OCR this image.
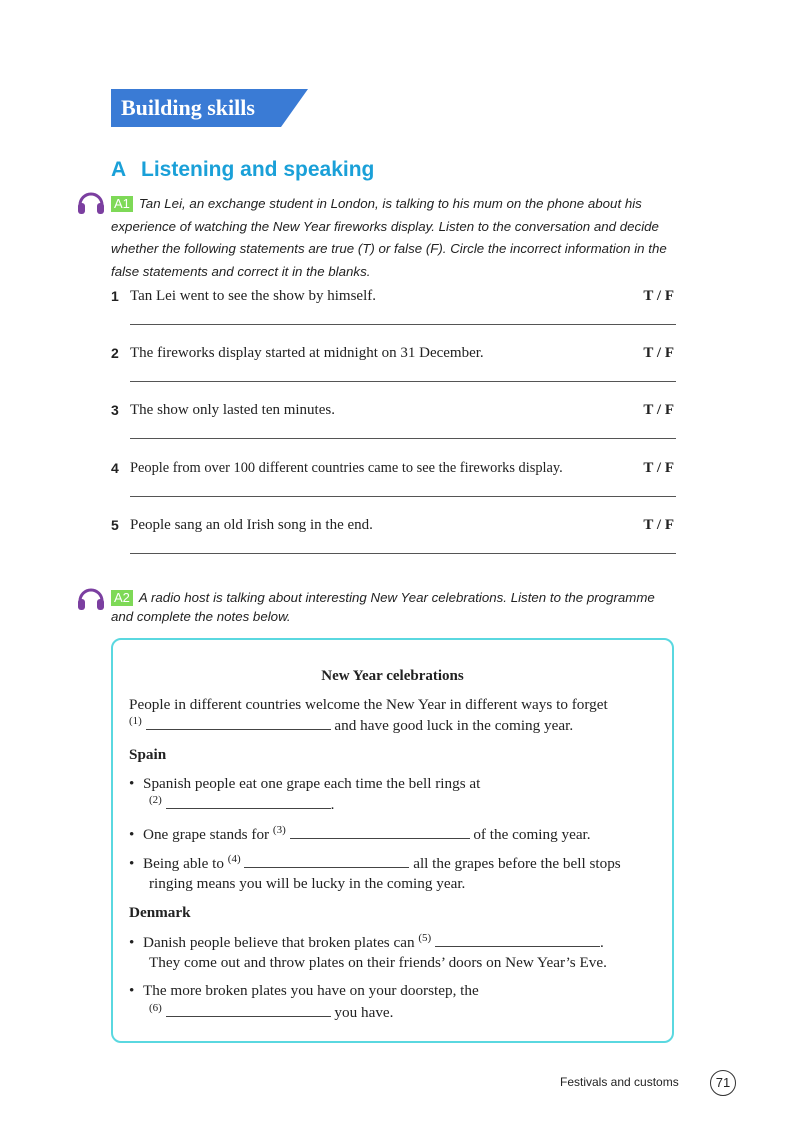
Building skills
A Listening and speaking
A1 Tan Lei, an exchange student in London, is talking to his mum on the phone about his experience of watching the New Year fireworks display. Listen to the conversation and decide whether the following statements are true (T) or false (F). Circle the incorrect information in the false statements and correct it in the blanks.
1 Tan Lei went to see the show by himself.	T / F
2 The fireworks display started at midnight on 31 December.	T / F
3 The show only lasted ten minutes.	T / F
4 People from over 100 different countries came to see the fireworks display.	T / F
5 People sang an old Irish song in the end.	T / F
A2 A radio host is talking about interesting New Year celebrations. Listen to the programme and complete the notes below.
New Year celebrations
People in different countries welcome the New Year in different ways to forget
$^{(1)}$	and have good luck in the coming year.
Spain
• Spanish people eat one grape each time the bell rings at
$^{(2)}$	.
• One grape stands for $^{(3)}$	of the coming year.
• Being able to $^{(4)}$	all the grapes before the bell stops
ringing means you will be lucky in the coming year.
Denmark
• Danish people believe that broken plates can $^{(5)}$	.
They come out and throw plates on their friends’ doors on New Year’s Eve.
• The more broken plates you have on your doorstep, the
$^{(6)}$	you have.
Festivals and customs	71
